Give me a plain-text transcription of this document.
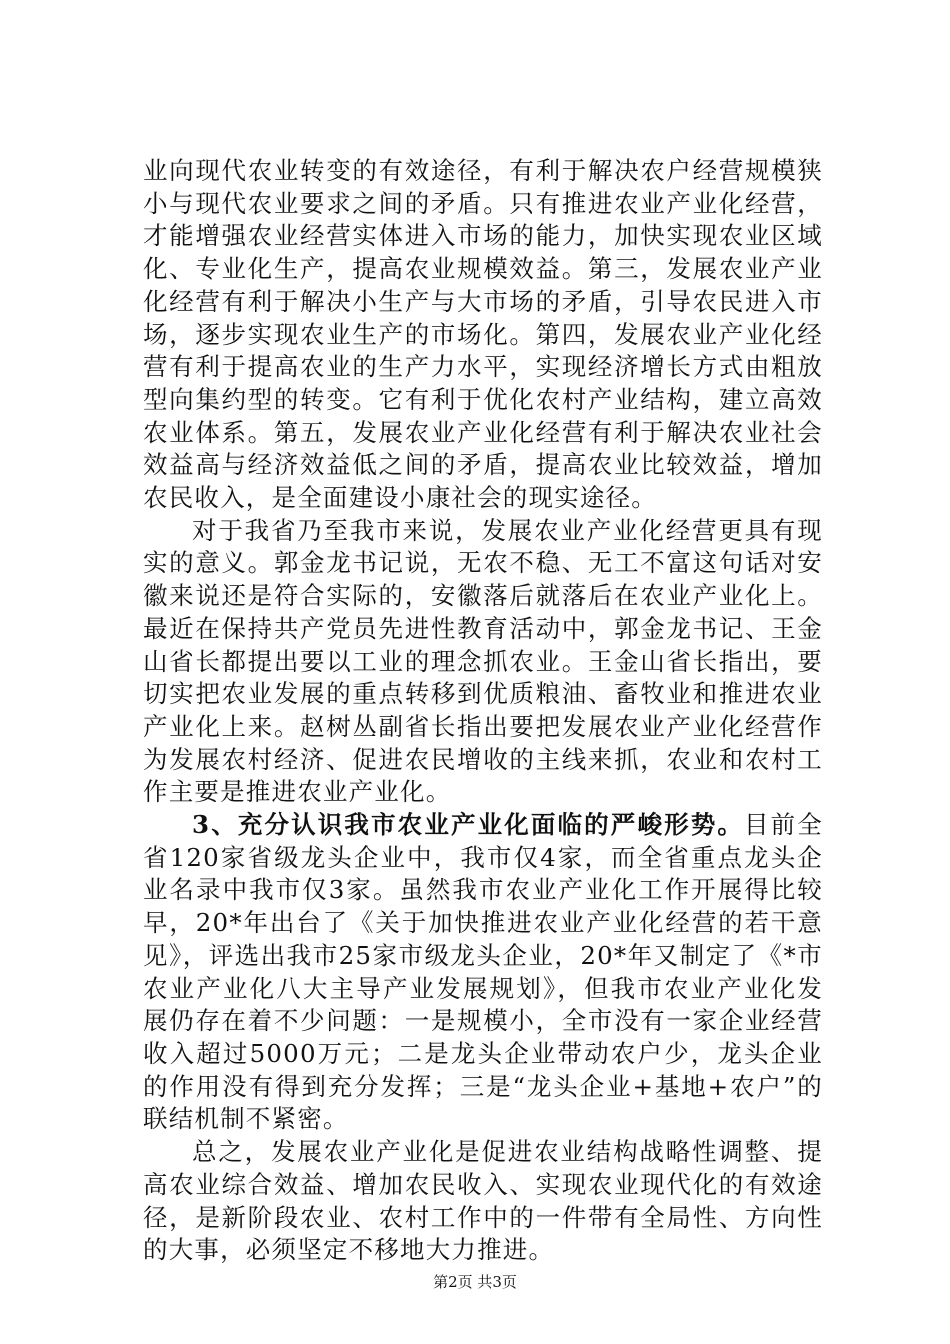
业向现代农业转变的有效途径，有利于解决农户经营规模狭小与现代农业要求之间的矛盾。只有推进农业产业化经营，才能增强农业经营实体进入市场的能力，加快实现农业区域化、专业化生产，提高农业规模效益。第三，发展农业产业化经营有利于解决小生产与大市场的矛盾，引导农民进入市场，逐步实现农业生产的市场化。第四，发展农业产业化经营有利于提高农业的生产力水平，实现经济增长方式由粗放型向集约型的转变。它有利于优化农村产业结构，建立高效农业体系。第五，发展农业产业化经营有利于解决农业社会效益高与经济效益低之间的矛盾，提高农业比较效益，增加农民收入，是全面建设小康社会的现实途径。

对于我省乃至我市来说，发展农业产业化经营更具有现实的意义。郭金龙书记说，无农不稳、无工不富这句话对安徽来说还是符合实际的，安徽落后就落后在农业产业化上。最近在保持共产党员先进性教育活动中，郭金龙书记、王金山省长都提出要以工业的理念抓农业。王金山省长指出，要切实把农业发展的重点转移到优质粮油、畜牧业和推进农业产业化上来。赵树丛副省长指出要把发展农业产业化经营作为发展农村经济、促进农民增收的主线来抓，农业和农村工作主要是推进农业产业化。

3、充分认识我市农业产业化面临的严峻形势。目前全省120家省级龙头企业中，我市仅4家，而全省重点龙头企业名录中我市仅3家。虽然我市农业产业化工作开展得比较早，20*年出台了《关于加快推进农业产业化经营的若干意见》，评选出我市25家市级龙头企业，20*年又制定了《*市农业产业化八大主导产业发展规划》，但我市农业产业化发展仍存在着不少问题：一是规模小，全市没有一家企业经营收入超过5000万元；二是龙头企业带动农户少，龙头企业的作用没有得到充分发挥；三是“龙头企业+基地+农户”的联结机制不紧密。

总之，发展农业产业化是促进农业结构战略性调整、提高农业综合效益、增加农民收入、实现农业现代化的有效途径，是新阶段农业、农村工作中的一件带有全局性、方向性的大事，必须坚定不移地大力推进。

第2页 共3页
